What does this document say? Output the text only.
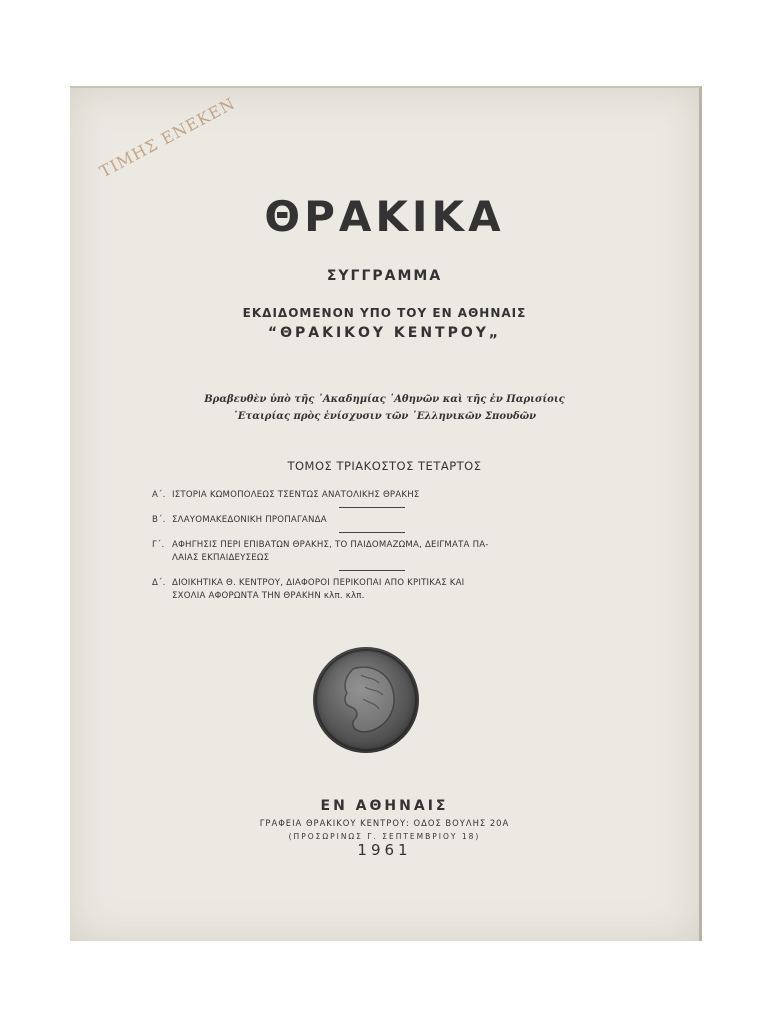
ΤΙΜΗΣ ΕΝΕΚΕΝ
ΘΡΑΚΙΚΑ
ΣΥΓΓΡΑΜΜΑ
ΕΚΔΙΔΟΜΕΝΟΝ ΥΠΟ ΤΟΥ ΕΝ ΑΘΗΝΑΙΣ
“ΘΡΑΚΙΚΟΥ ΚΕΝΤΡΟΥ„
Βραβευθὲν ὑπὸ τῆς ᾿Ακαδημίας ᾿Αθηνῶν καὶ τῆς ἐν Παρισίοις
᾿Εταιρίας πρὸς ἐνίσχυσιν τῶν ῾Ελληνικῶν Σπουδῶν
ΤΟΜΟΣ ΤΡΙΑΚΟΣΤΟΣ ΤΕΤΑΡΤΟΣ
Α΄. ΙΣΤΟΡΙΑ ΚΩΜΟΠΟΛΕΩΣ ΤΣΕΝΤΩΣ ΑΝΑΤΟΛΙΚΗΣ ΘΡΑΚΗΣ
Β΄. ΣΛΑΥΟΜΑΚΕΔΟΝΙΚΗ ΠΡΟΠΑΓΑΝΔΑ
Γ΄. ΑΦΗΓΗΣΙΣ ΠΕΡΙ ΕΠΙΒΑΤΩΝ ΘΡΑΚΗΣ, ΤΟ ΠΑΙΔΟΜΑΖΩΜΑ, ΔΕΙΓΜΑΤΑ ΠΑ-
ΛΑΙΑΣ ΕΚΠΑΙΔΕΥΣΕΩΣ
Δ΄. ΔΙΟΙΚΗΤΙΚΑ Θ. ΚΕΝΤΡΟΥ, ΔΙΑΦΟΡΟΙ ΠΕΡΙΚΟΠΑΙ ΑΠΟ ΚΡΙΤΙΚΑΣ ΚΑΙ
ΣΧΟΛΙΑ ΑΦΟΡΩΝΤΑ ΤΗΝ ΘΡΑΚΗΝ κλπ. κλπ.
ΕΝ ΑΘΗΝΑΙΣ
ΓΡΑΦΕΙΑ ΘΡΑΚΙΚΟΥ ΚΕΝΤΡΟΥ: ΟΔΟΣ ΒΟΥΛΗΣ 20Α
(ΠΡΟΣΩΡΙΝΩΣ Γ. ΣΕΠΤΕΜΒΡΙΟΥ 18)
1961
